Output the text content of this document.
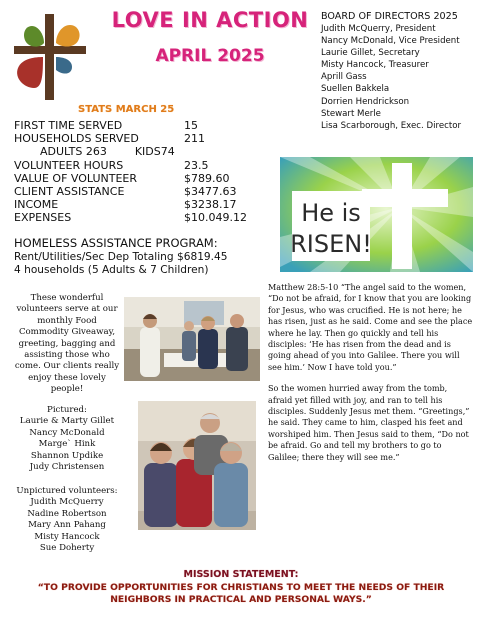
LOVE IN ACTION
APRIL 2025
BOARD OF DIRECTORS 2025
Judith McQuerry, President
Nancy McDonald, Vice President
Laurie Gillet, Secretary
Misty Hancock, Treasurer
Aprill Gass
Suellen Bakkela
Dorrien Hendrickson
Stewart Merle
Lisa Scarborough, Exec. Director
STATS MARCH 25
FIRST TIME SERVED	15
HOUSEHOLDS SERVED	211
ADULTS 263        KIDS74
VOLUNTEER HOURS	23.5
VALUE OF VOLUNTEER	$789.60
CLIENT ASSISTANCE	$3477.63
INCOME	$3238.17
EXPENSES	$10.049.12
HOMELESS ASSISTANCE PROGRAM:
Rent/Utilities/Sec Dep Totaling $6819.45
4 households (5 Adults & 7 Children)
He is
RISEN!
These wonderful volunteers serve at our monthly Food Commodity Giveaway, greeting, bagging and assisting those who come. Our clients really enjoy these lovely people!
Pictured:
Laurie & Marty Gillet
Nancy McDonald
Marge` Hink
Shannon Updike
Judy Christensen
Unpictured volunteers:
Judith McQuerry
Nadine Robertson
Mary Ann Pahang
Misty Hancock
Sue Doherty

Matthew 28:5-10 “The angel said to the women, “Do not be afraid, for I know that you are looking for Jesus, who was crucified. He is not here; he has risen, just as he said. Come and see the place where he lay. Then go quickly and tell his disciples: ‘He has risen from the dead and is going ahead of you into Galilee. There you will see him.’ Now I have told you.”

So the women hurried away from the tomb, afraid yet filled with joy, and ran to tell his disciples. Suddenly Jesus met them. “Greetings,” he said. They came to him, clasped his feet and worshiped him. Then Jesus said to them, “Do not be afraid. Go and tell my brothers to go to Galilee; there they will see me.”

MISSION STATEMENT:
“TO PROVIDE OPPORTUNITIES FOR CHRISTIANS TO MEET THE NEEDS OF THEIR NEIGHBORS IN PRACTICAL AND PERSONAL WAYS.”
